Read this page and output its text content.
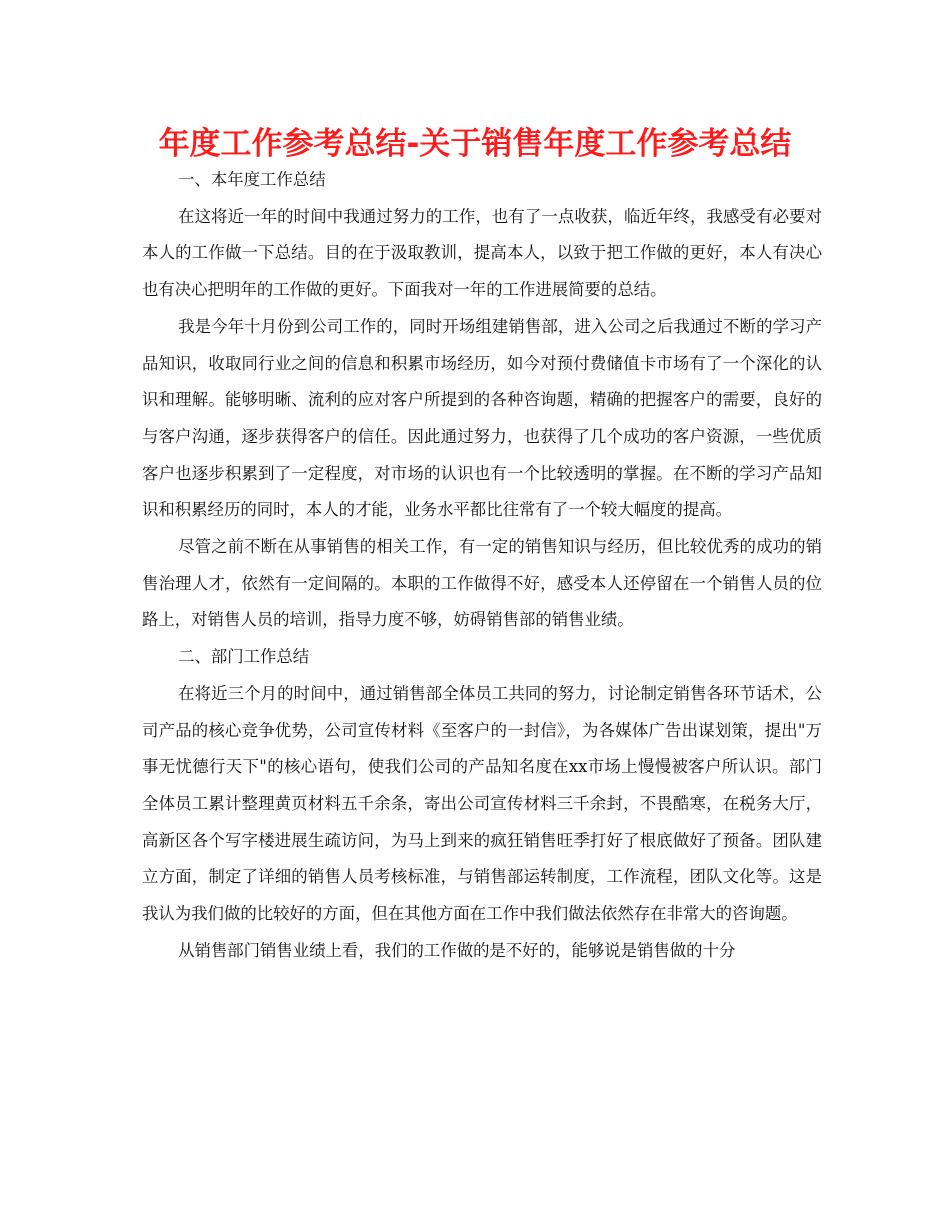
年度工作参考总结-关于销售年度工作参考总结

一、本年度工作总结

在这将近一年的时间中我通过努力的工作，也有了一点收获，临近年终，我感受有必要对本人的工作做一下总结。目的在于汲取教训，提高本人，以致于把工作做的更好，本人有决心也有决心把明年的工作做的更好。下面我对一年的工作进展简要的总结。

我是今年十月份到公司工作的，同时开场组建销售部，进入公司之后我通过不断的学习产品知识，收取同行业之间的信息和积累市场经历，如今对预付费储值卡市场有了一个深化的认识和理解。能够明晰、流利的应对客户所提到的各种咨询题，精确的把握客户的需要，良好的与客户沟通，逐步获得客户的信任。因此通过努力，也获得了几个成功的客户资源，一些优质客户也逐步积累到了一定程度，对市场的认识也有一个比较透明的掌握。在不断的学习产品知识和积累经历的同时，本人的才能，业务水平都比往常有了一个较大幅度的提高。

尽管之前不断在从事销售的相关工作，有一定的销售知识与经历，但比较优秀的成功的销售治理人才，依然有一定间隔的。本职的工作做得不好，感受本人还停留在一个销售人员的位路上，对销售人员的培训，指导力度不够，妨碍销售部的销售业绩。

二、部门工作总结

在将近三个月的时间中，通过销售部全体员工共同的努力，讨论制定销售各环节话术，公司产品的核心竞争优势，公司宣传材料《至客户的一封信》，为各媒体广告出谋划策，提出"万事无忧德行天下"的核心语句，使我们公司的产品知名度在xx市场上慢慢被客户所认识。部门全体员工累计整理黄页材料五千余条，寄出公司宣传材料三千余封，不畏酷寒，在税务大厅，高新区各个写字楼进展生疏访问，为马上到来的疯狂销售旺季打好了根底做好了预备。团队建立方面，制定了详细的销售人员考核标准，与销售部运转制度，工作流程，团队文化等。这是我认为我们做的比较好的方面，但在其他方面在工作中我们做法依然存在非常大的咨询题。

从销售部门销售业绩上看，我们的工作做的是不好的，能够说是销售做的十分
